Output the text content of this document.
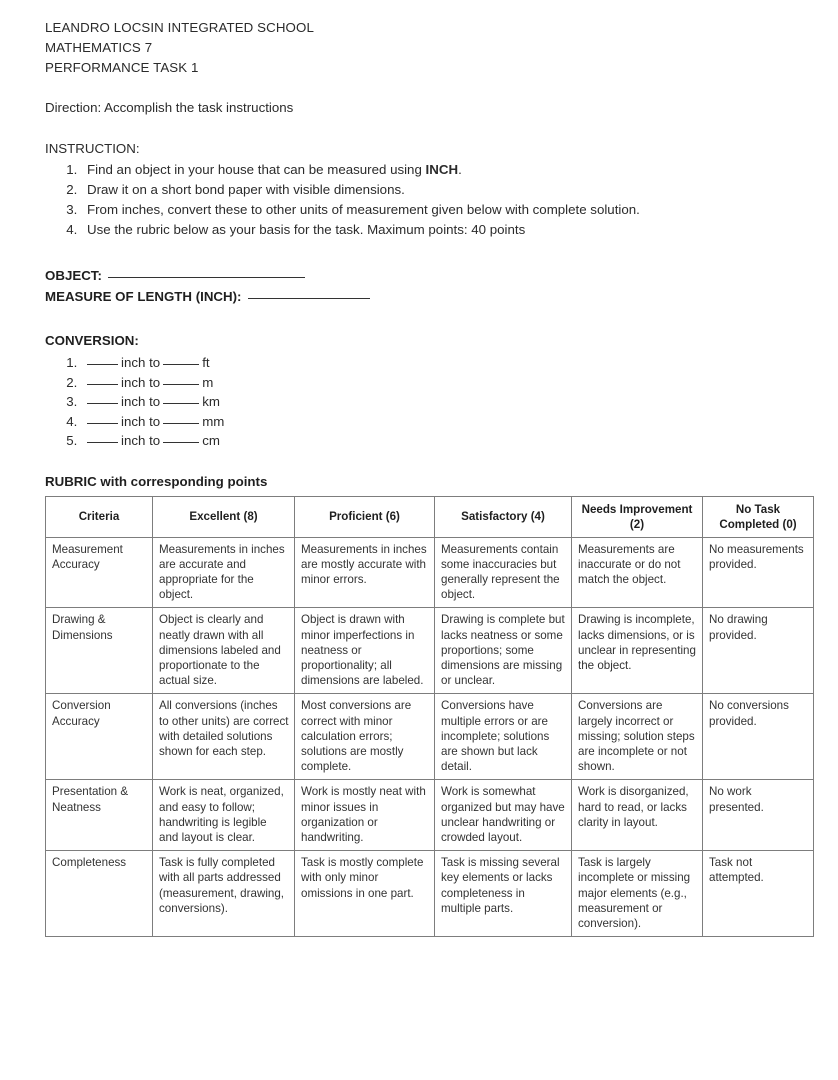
LEANDRO LOCSIN INTEGRATED SCHOOL
MATHEMATICS 7
PERFORMANCE TASK 1
Direction: Accomplish the task instructions
INSTRUCTION:
1. Find an object in your house that can be measured using INCH.
2. Draw it on a short bond paper with visible dimensions.
3. From inches, convert these to other units of measurement given below with complete solution.
4. Use the rubric below as your basis for the task. Maximum points: 40 points
OBJECT:
MEASURE OF LENGTH (INCH):
CONVERSION:
1. inch to	ft
2. inch to	m
3. inch to	km
4. inch to	mm
5. inch to	cm
RUBRIC with corresponding points
Criteria	Excellent (8)	Proficient (6)	Satisfactory (4)	Needs Improvement (2)	No Task Completed (0)
Measurement Accuracy	Measurements in inches are accurate and appropriate for the object.	Measurements in inches are mostly accurate with minor errors.	Measurements contain some inaccuracies but generally represent the object.	Measurements are inaccurate or do not match the object.	No measurements provided.
Drawing & Dimensions	Object is clearly and neatly drawn with all dimensions labeled and proportionate to the actual size.	Object is drawn with minor imperfections in neatness or proportionality; all dimensions are labeled.	Drawing is complete but lacks neatness or some proportions; some dimensions are missing or unclear.	Drawing is incomplete, lacks dimensions, or is unclear in representing the object.	No drawing provided.
Conversion Accuracy	All conversions (inches to other units) are correct with detailed solutions shown for each step.	Most conversions are correct with minor calculation errors; solutions are mostly complete.	Conversions have multiple errors or are incomplete; solutions are shown but lack detail.	Conversions are largely incorrect or missing; solution steps are incomplete or not shown.	No conversions provided.
Presentation & Neatness	Work is neat, organized, and easy to follow; handwriting is legible and layout is clear.	Work is mostly neat with minor issues in organization or handwriting.	Work is somewhat organized but may have unclear handwriting or crowded layout.	Work is disorganized, hard to read, or lacks clarity in layout.	No work presented.
Completeness	Task is fully completed with all parts addressed (measurement, drawing, conversions).	Task is mostly complete with only minor omissions in one part.	Task is missing several key elements or lacks completeness in multiple parts.	Task is largely incomplete or missing major elements (e.g., measurement or conversion).	Task not attempted.
